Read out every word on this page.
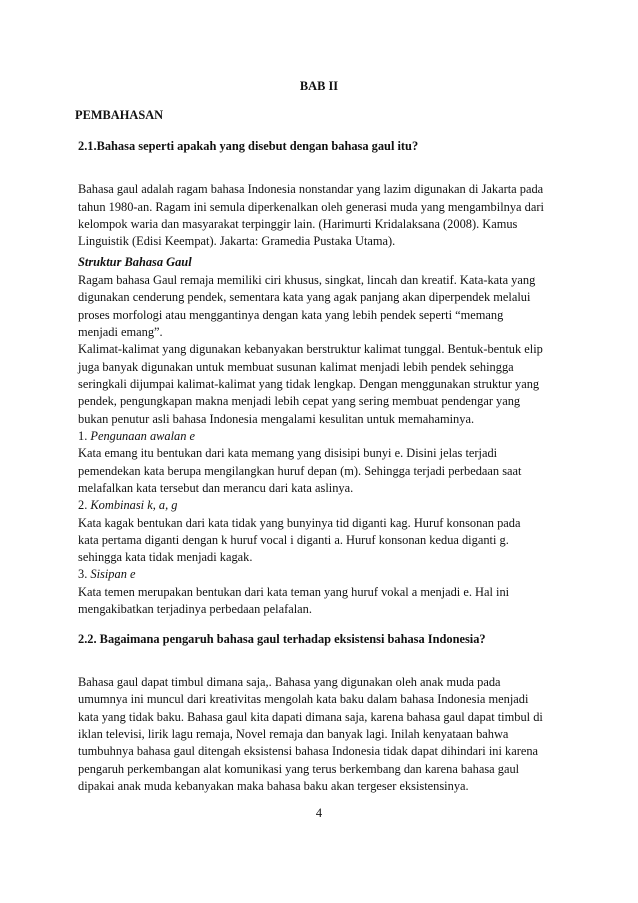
BAB II
PEMBAHASAN
2.1.Bahasa seperti apakah yang disebut dengan bahasa gaul itu?
Bahasa gaul adalah ragam bahasa Indonesia nonstandar yang lazim digunakan di Jakarta pada
tahun 1980-an. Ragam ini semula diperkenalkan oleh generasi muda yang mengambilnya dari
kelompok waria dan masyarakat terpinggir lain. (Harimurti Kridalaksana (2008). Kamus
Linguistik (Edisi Keempat). Jakarta: Gramedia Pustaka Utama).
Struktur Bahasa Gaul
Ragam bahasa Gaul remaja memiliki ciri khusus, singkat, lincah dan kreatif. Kata-kata yang
digunakan cenderung pendek, sementara kata yang agak panjang akan diperpendek melalui
proses morfologi atau menggantinya dengan kata yang lebih pendek seperti “memang
menjadi emang”.
Kalimat-kalimat yang digunakan kebanyakan berstruktur kalimat tunggal. Bentuk-bentuk elip
juga banyak digunakan untuk membuat susunan kalimat menjadi lebih pendek sehingga
seringkali dijumpai kalimat-kalimat yang tidak lengkap. Dengan menggunakan struktur yang
pendek, pengungkapan makna menjadi lebih cepat yang sering membuat pendengar yang
bukan penutur asli bahasa Indonesia mengalami kesulitan untuk memahaminya.
1. Pengunaan awalan e
Kata emang itu bentukan dari kata memang yang disisipi bunyi e. Disini jelas terjadi
pemendekan kata berupa mengilangkan huruf depan (m). Sehingga terjadi perbedaan saat
melafalkan kata tersebut dan merancu dari kata aslinya.
2. Kombinasi k, a, g
Kata kagak bentukan dari kata tidak yang bunyinya tid diganti kag. Huruf konsonan pada
kata pertama diganti dengan k huruf vocal i diganti a. Huruf konsonan kedua diganti g.
sehingga kata tidak menjadi kagak.
3. Sisipan e
Kata temen merupakan bentukan dari kata teman yang huruf vokal a menjadi e. Hal ini
mengakibatkan terjadinya perbedaan pelafalan.
2.2. Bagaimana pengaruh bahasa gaul terhadap eksistensi bahasa Indonesia?
Bahasa gaul dapat timbul dimana saja,. Bahasa yang digunakan oleh anak muda pada
umumnya ini muncul dari kreativitas mengolah kata baku dalam bahasa Indonesia menjadi
kata yang tidak baku. Bahasa gaul kita dapati dimana saja, karena bahasa gaul dapat timbul di
iklan televisi, lirik lagu remaja, Novel remaja dan banyak lagi. Inilah kenyataan bahwa
tumbuhnya bahasa gaul ditengah eksistensi bahasa Indonesia tidak dapat dihindari ini karena
pengaruh perkembangan alat komunikasi yang terus berkembang dan karena bahasa gaul
dipakai anak muda kebanyakan maka bahasa baku akan tergeser eksistensinya.
4
